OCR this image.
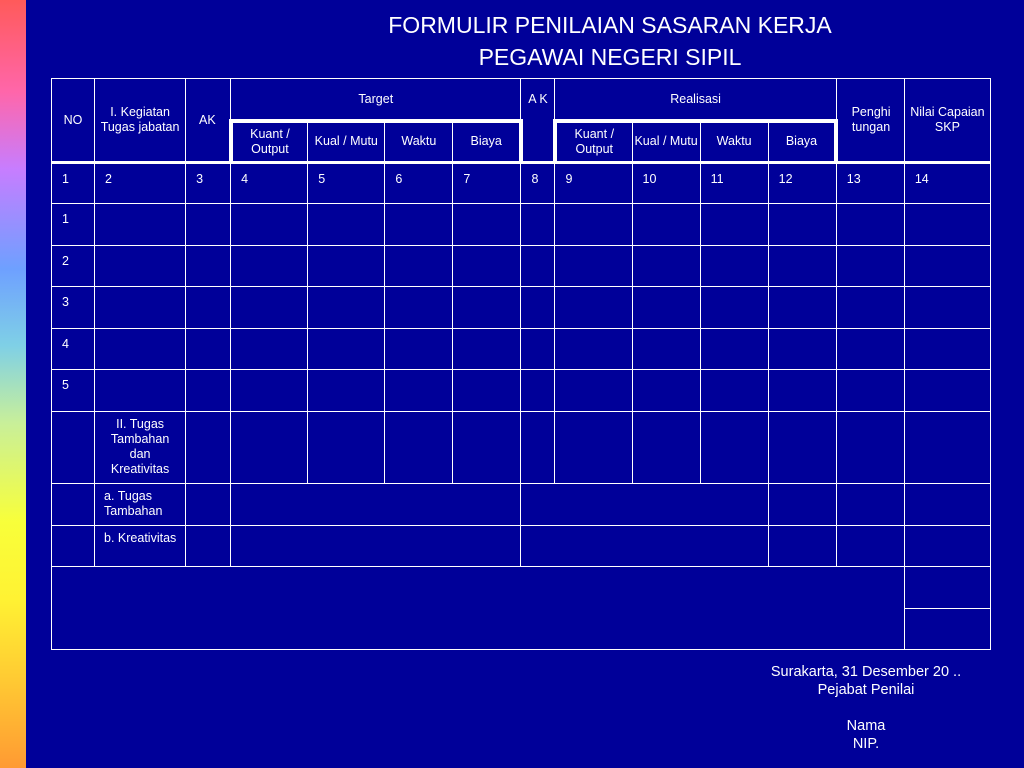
FORMULIR PENILAIAN SASARAN KERJA
PEGAWAI NEGERI SIPIL
NO	I. Kegiatan Tugas jabatan	AK	Target				A K	Realisasi				Penghi tungan	Nilai Capaian SKP
			Kuant / Output	Kual / Mutu	Waktu	Biaya		Kuant / Output	Kual / Mutu	Waktu	Biaya		
1	2	3	4	5	6	7	8	9	10	11	12	13	14
1													
2													
3													
4													
5													
	II. Tugas Tambahan dan Kreativitas												
	a. Tugas Tambahan												
	b. Kreativitas												

Surakarta, 31 Desember 20 ..
Pejabat Penilai
Nama
NIP.
